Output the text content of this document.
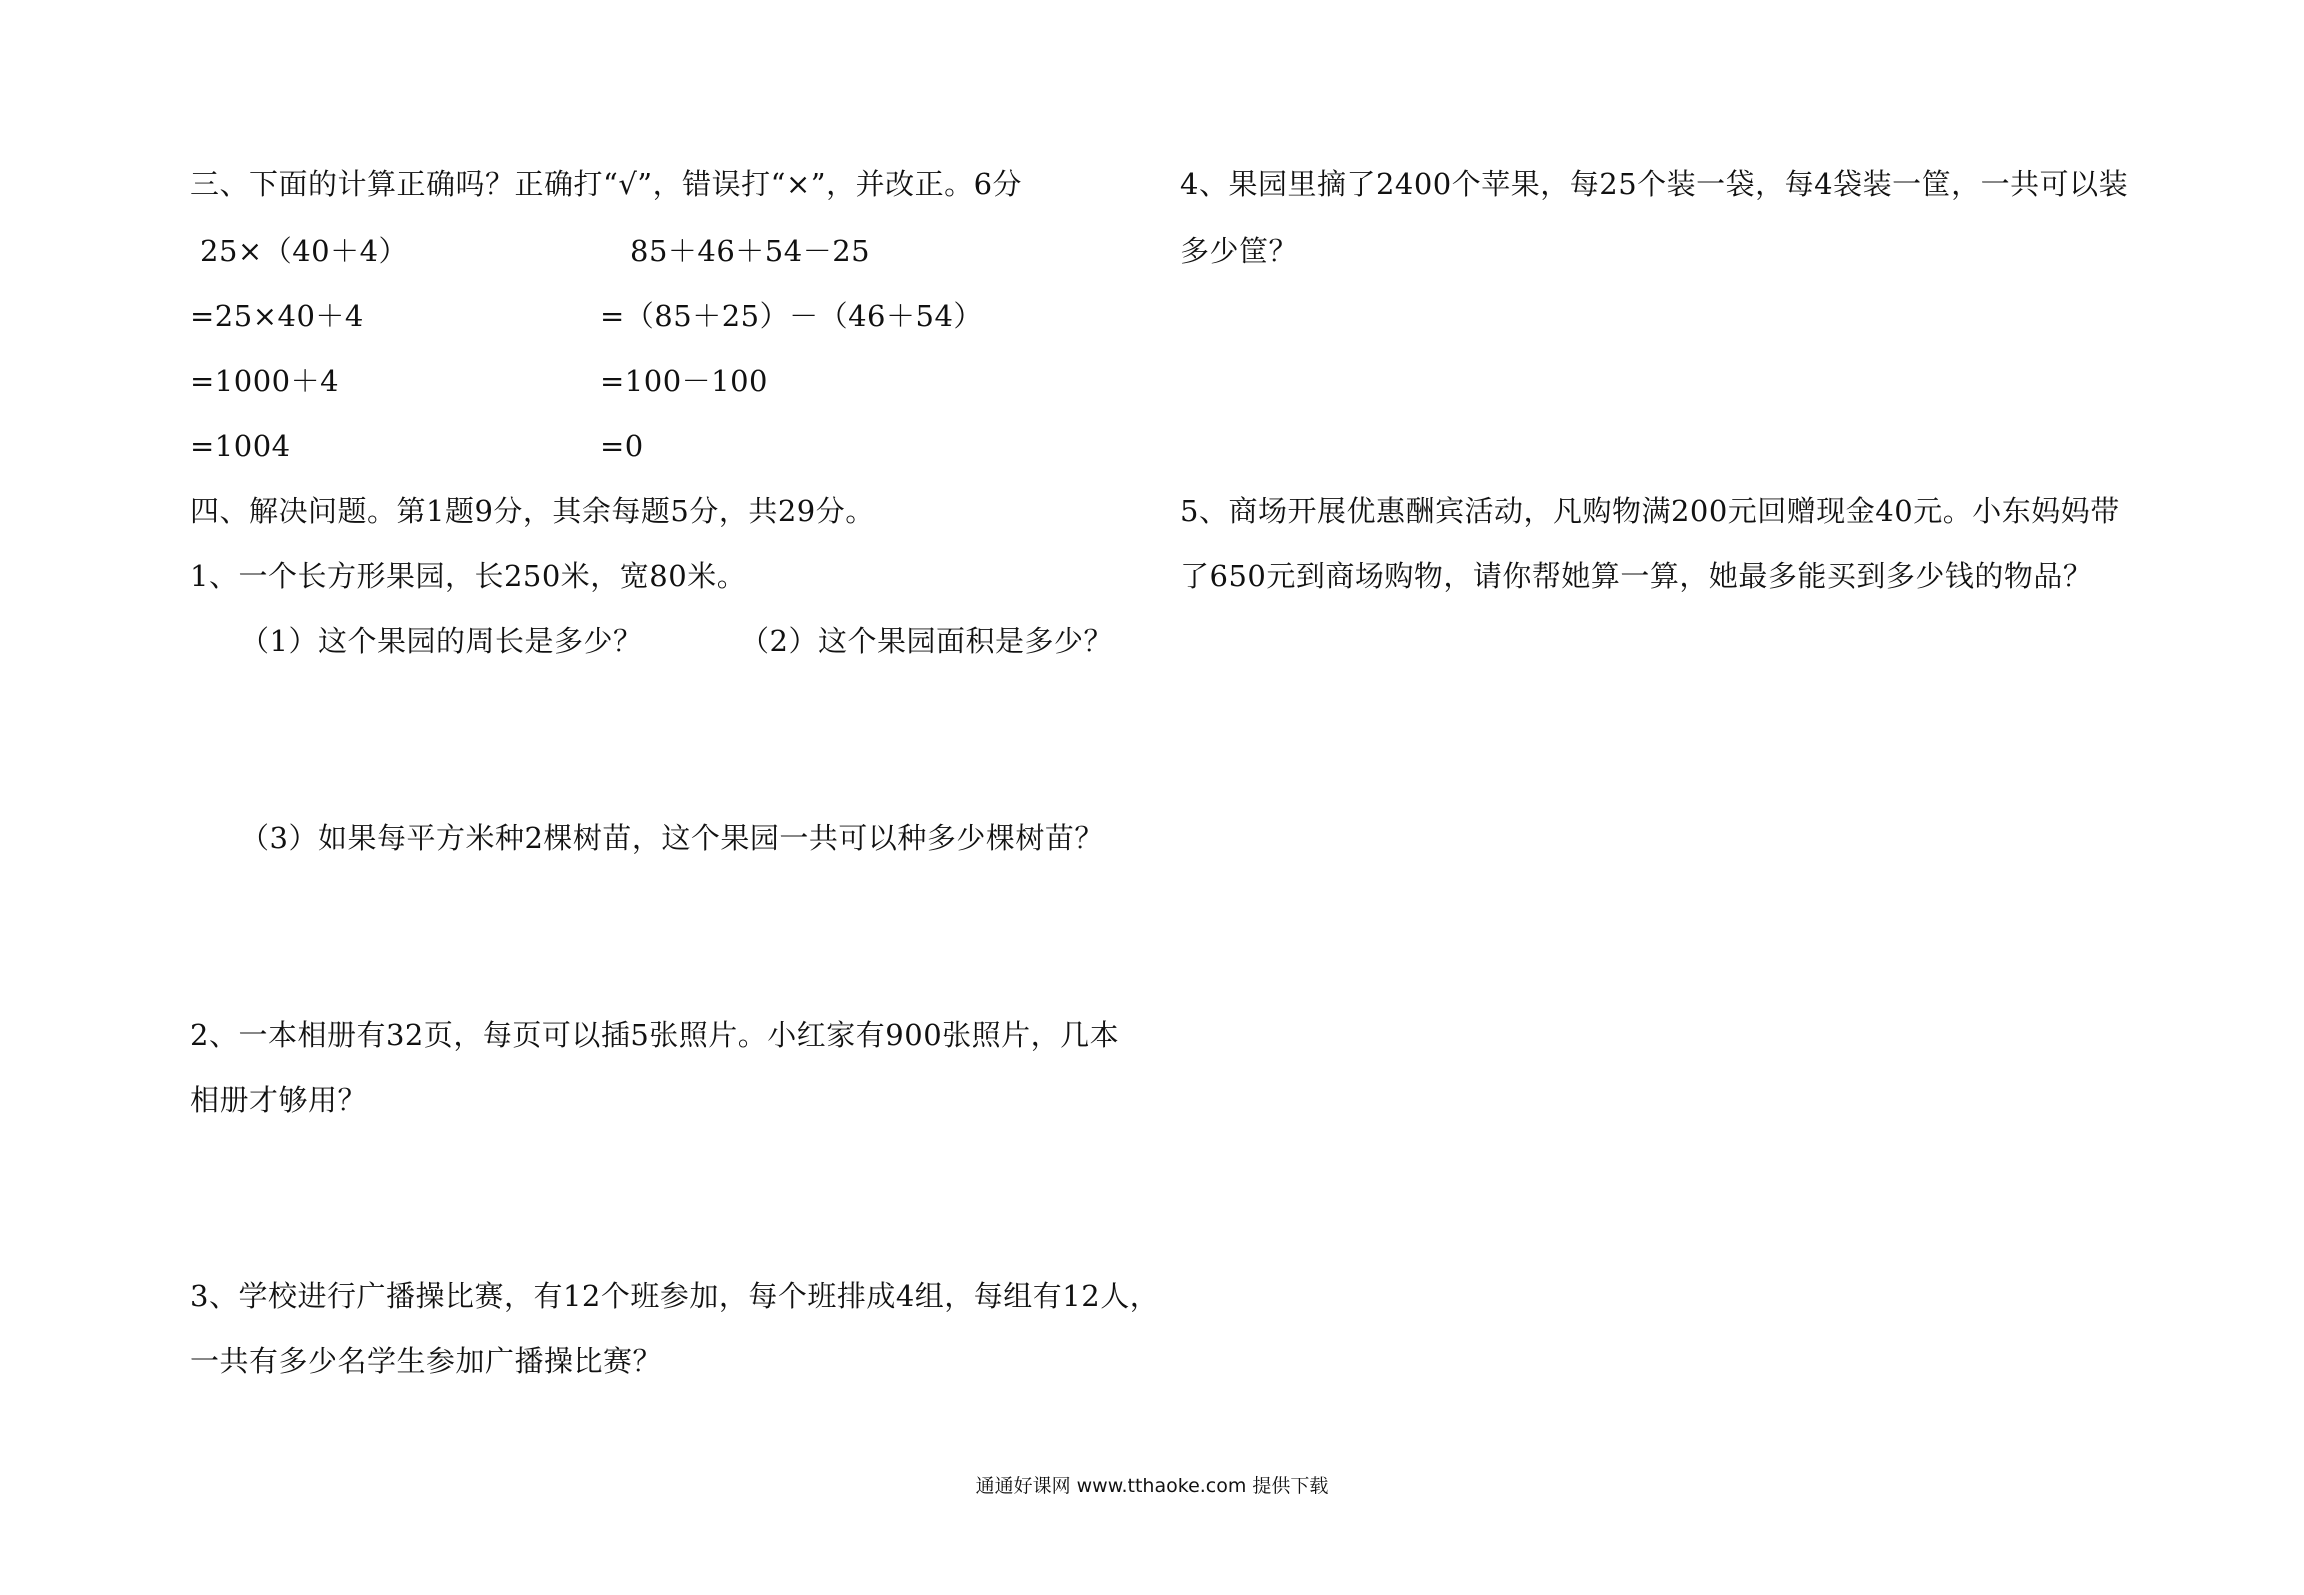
三、下面的计算正确吗？正确打“√”，错误打“×”，并改正。6分
25×（40＋4）	85＋46＋54－25
=25×40＋4	=（85＋25）－（46＋54）
=1000＋4	=100－100
=1004	=0
四、解决问题。第1题9分，其余每题5分，共29分。
1、一个长方形果园，长250米，宽80米。
（1）这个果园的周长是多少？	（2）这个果园面积是多少？
（3）如果每平方米种2棵树苗，这个果园一共可以种多少棵树苗？
2、一本相册有32页，每页可以插5张照片。小红家有900张照片，几本
相册才够用？
3、学校进行广播操比赛，有12个班参加，每个班排成4组，每组有12人，
一共有多少名学生参加广播操比赛？
4、果园里摘了2400个苹果，每25个装一袋，每4袋装一筐，一共可以装
多少筐？
5、商场开展优惠酬宾活动，凡购物满200元回赠现金40元。小东妈妈带
了650元到商场购物，请你帮她算一算，她最多能买到多少钱的物品？
通通好课网 www.tthaoke.com 提供下载
